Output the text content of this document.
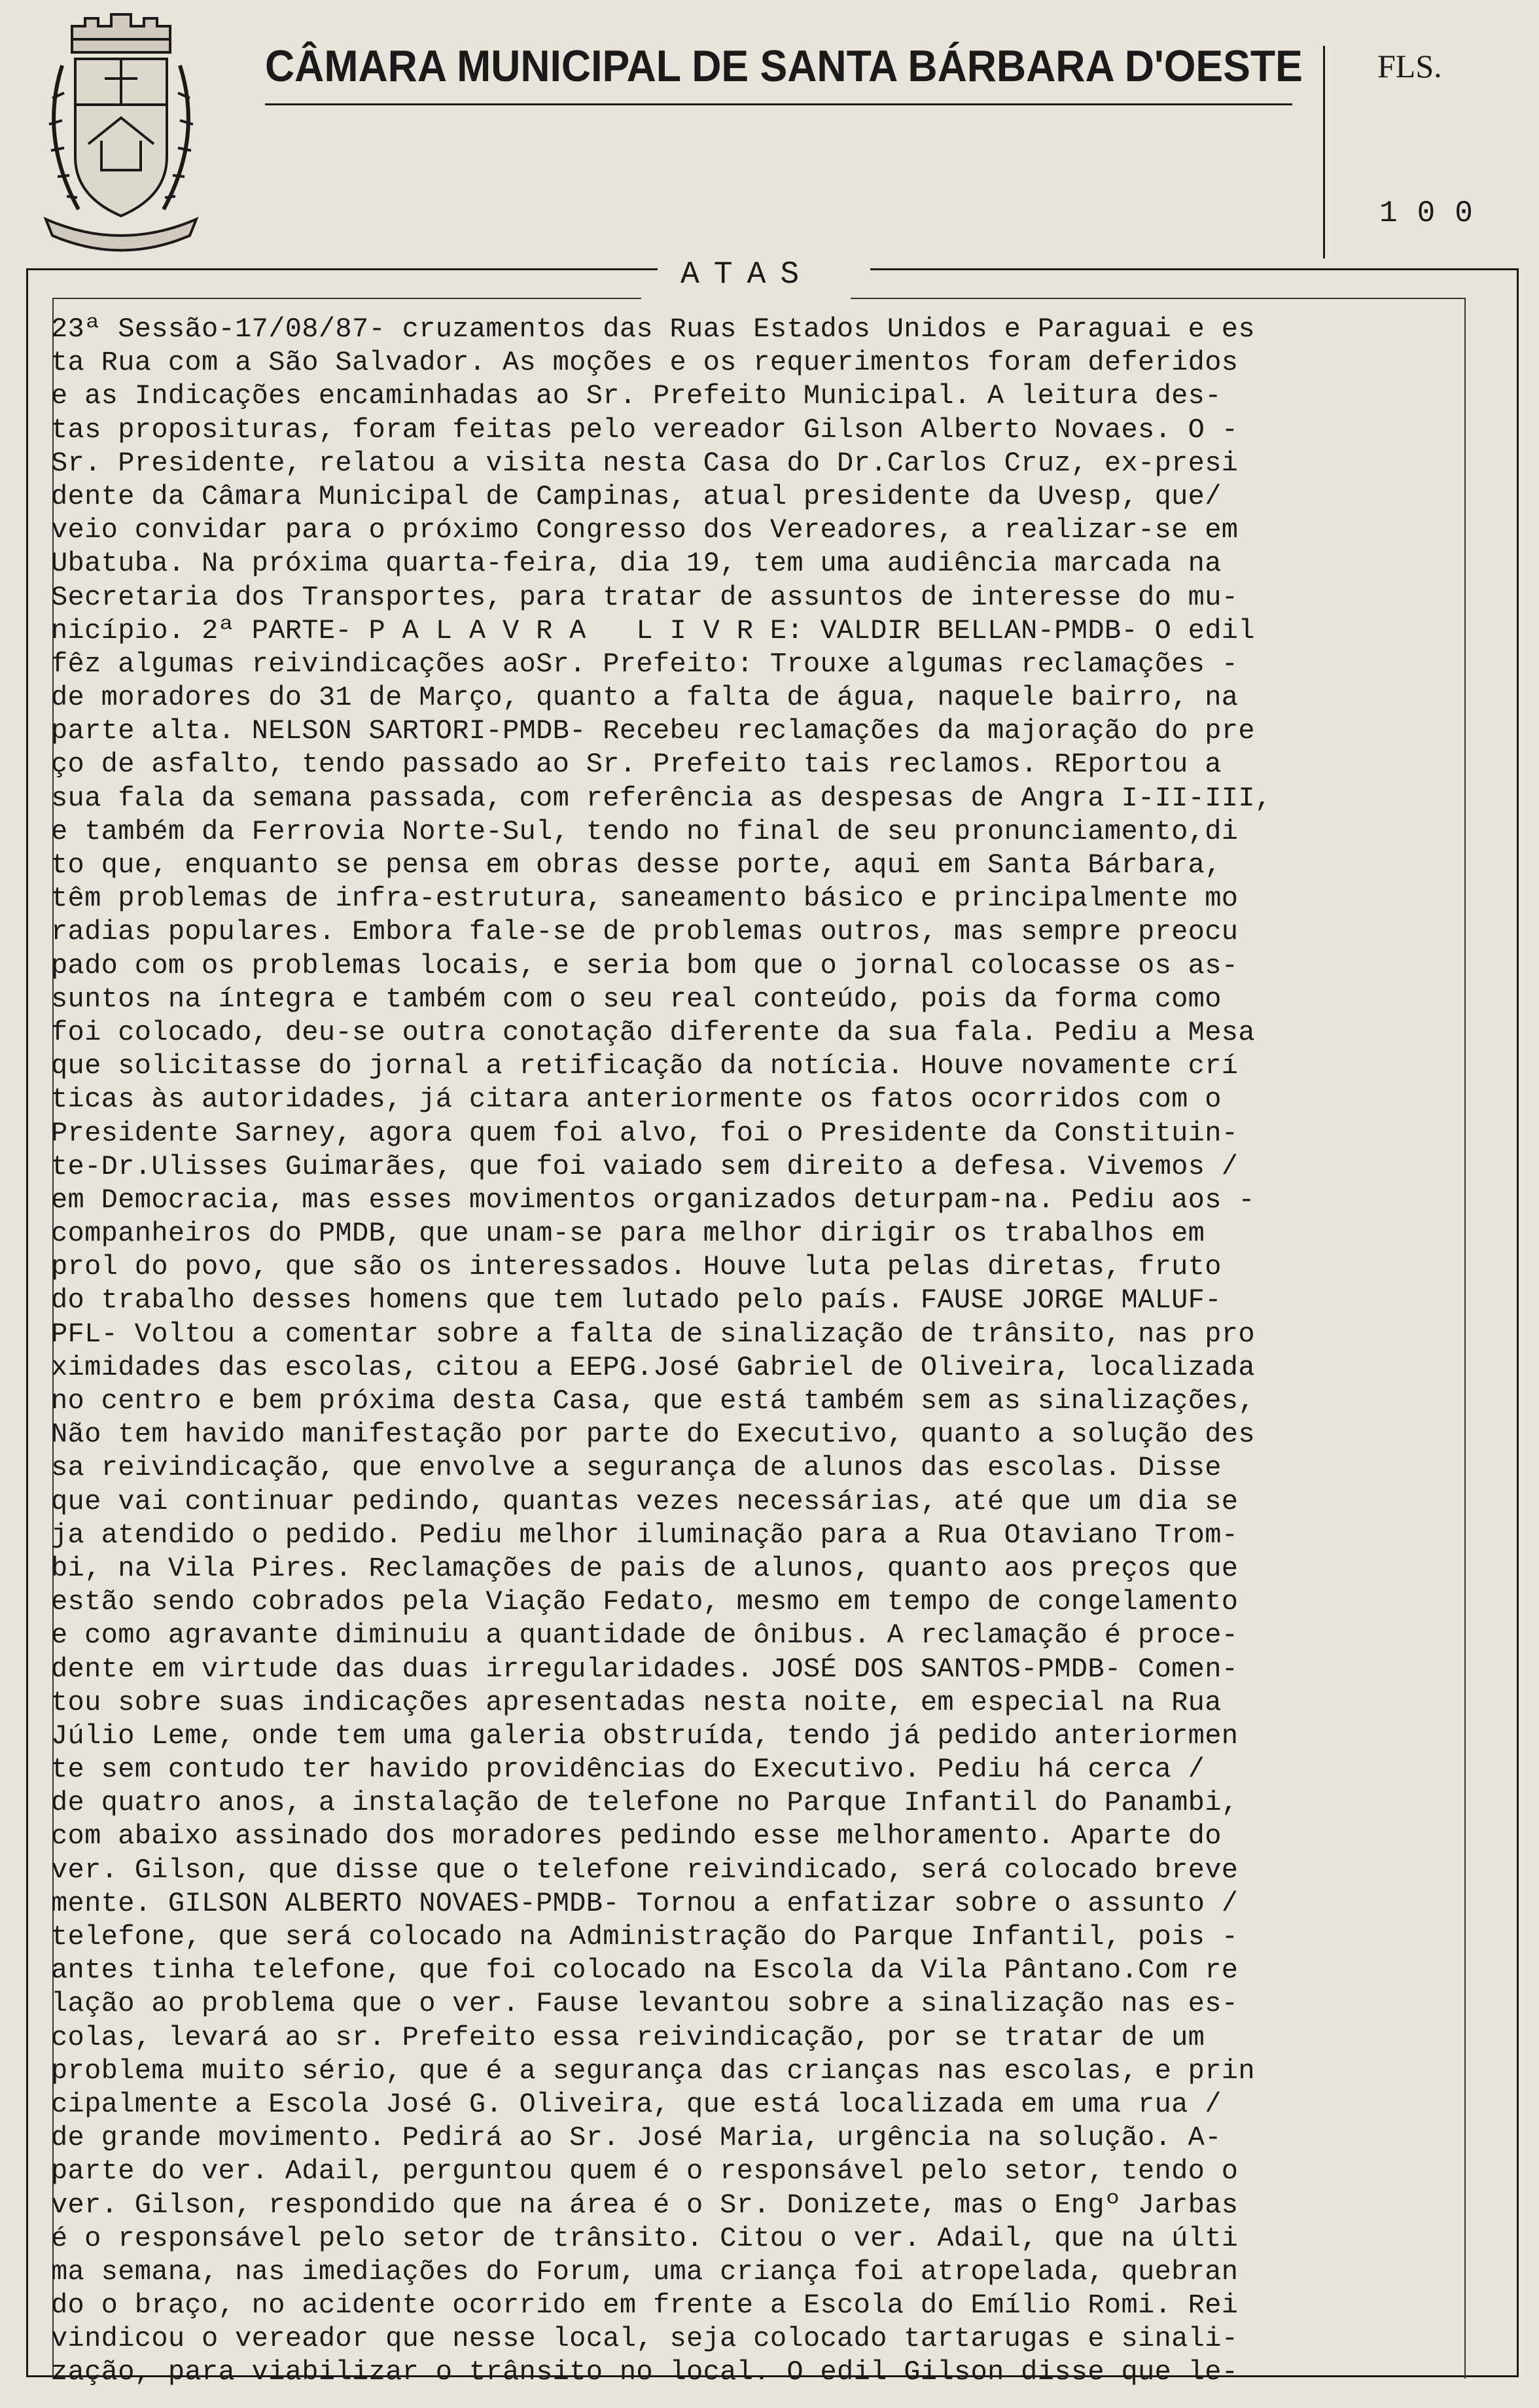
CÂMARA MUNICIPAL DE SANTA BÁRBARA D'OESTE FLS.
100
ATAS
23ª Sessão-17/08/87- cruzamentos das Ruas Estados Unidos e Paraguai e es
ta Rua com a São Salvador. As moções e os requerimentos foram deferidos
e as Indicações encaminhadas ao Sr. Prefeito Municipal. A leitura des-
tas proposituras, foram feitas pelo vereador Gilson Alberto Novaes. O -
Sr. Presidente, relatou a visita nesta Casa do Dr.Carlos Cruz, ex-presi
dente da Câmara Municipal de Campinas, atual presidente da Uvesp, que/
veio convidar para o próximo Congresso dos Vereadores, a realizar-se em
Ubatuba. Na próxima quarta-feira, dia 19, tem uma audiência marcada na
Secretaria dos Transportes, para tratar de assuntos de interesse do mu-
nicípio. 2ª PARTE- P A L A V R A   L I V R E: VALDIR BELLAN-PMDB- O edil
fêz algumas reivindicações aoSr. Prefeito: Trouxe algumas reclamações -
de moradores do 31 de Março, quanto a falta de água, naquele bairro, na
parte alta. NELSON SARTORI-PMDB- Recebeu reclamações da majoração do pre
ço de asfalto, tendo passado ao Sr. Prefeito tais reclamos. REportou a
sua fala da semana passada, com referência as despesas de Angra I-II-III,
e também da Ferrovia Norte-Sul, tendo no final de seu pronunciamento,di
to que, enquanto se pensa em obras desse porte, aqui em Santa Bárbara,
têm problemas de infra-estrutura, saneamento básico e principalmente mo
radias populares. Embora fale-se de problemas outros, mas sempre preocu
pado com os problemas locais, e seria bom que o jornal colocasse os as-
suntos na íntegra e também com o seu real conteúdo, pois da forma como
foi colocado, deu-se outra conotação diferente da sua fala. Pediu a Mesa
que solicitasse do jornal a retificação da notícia. Houve novamente crí
ticas às autoridades, já citara anteriormente os fatos ocorridos com o
Presidente Sarney, agora quem foi alvo, foi o Presidente da Constituin-
te-Dr.Ulisses Guimarães, que foi vaiado sem direito a defesa. Vivemos /
em Democracia, mas esses movimentos organizados deturpam-na. Pediu aos -
companheiros do PMDB, que unam-se para melhor dirigir os trabalhos em
prol do povo, que são os interessados. Houve luta pelas diretas, fruto
do trabalho desses homens que tem lutado pelo país. FAUSE JORGE MALUF-
PFL- Voltou a comentar sobre a falta de sinalização de trânsito, nas pro
ximidades das escolas, citou a EEPG.José Gabriel de Oliveira, localizada
no centro e bem próxima desta Casa, que está também sem as sinalizações,
Não tem havido manifestação por parte do Executivo, quanto a solução des
sa reivindicação, que envolve a segurança de alunos das escolas. Disse
que vai continuar pedindo, quantas vezes necessárias, até que um dia se
ja atendido o pedido. Pediu melhor iluminação para a Rua Otaviano Trom-
bi, na Vila Pires. Reclamações de pais de alunos, quanto aos preços que
estão sendo cobrados pela Viação Fedato, mesmo em tempo de congelamento
e como agravante diminuiu a quantidade de ônibus. A reclamação é proce-
dente em virtude das duas irregularidades. JOSÉ DOS SANTOS-PMDB- Comen-
tou sobre suas indicações apresentadas nesta noite, em especial na Rua
Júlio Leme, onde tem uma galeria obstruída, tendo já pedido anteriormen
te sem contudo ter havido providências do Executivo. Pediu há cerca /
de quatro anos, a instalação de telefone no Parque Infantil do Panambi,
com abaixo assinado dos moradores pedindo esse melhoramento. Aparte do
ver. Gilson, que disse que o telefone reivindicado, será colocado breve
mente. GILSON ALBERTO NOVAES-PMDB- Tornou a enfatizar sobre o assunto /
telefone, que será colocado na Administração do Parque Infantil, pois -
antes tinha telefone, que foi colocado na Escola da Vila Pântano.Com re
lação ao problema que o ver. Fause levantou sobre a sinalização nas es-
colas, levará ao sr. Prefeito essa reivindicação, por se tratar de um
problema muito sério, que é a segurança das crianças nas escolas, e prin
cipalmente a Escola José G. Oliveira, que está localizada em uma rua /
de grande movimento. Pedirá ao Sr. José Maria, urgência na solução. A-
parte do ver. Adail, perguntou quem é o responsável pelo setor, tendo o
ver. Gilson, respondido que na área é o Sr. Donizete, mas o Engº Jarbas
é o responsável pelo setor de trânsito. Citou o ver. Adail, que na últi
ma semana, nas imediações do Forum, uma criança foi atropelada, quebran
do o braço, no acidente ocorrido em frente a Escola do Emílio Romi. Rei
vindicou o vereador que nesse local, seja colocado tartarugas e sinali-
zação, para viabilizar o trânsito no local. O edil Gilson disse que le-
